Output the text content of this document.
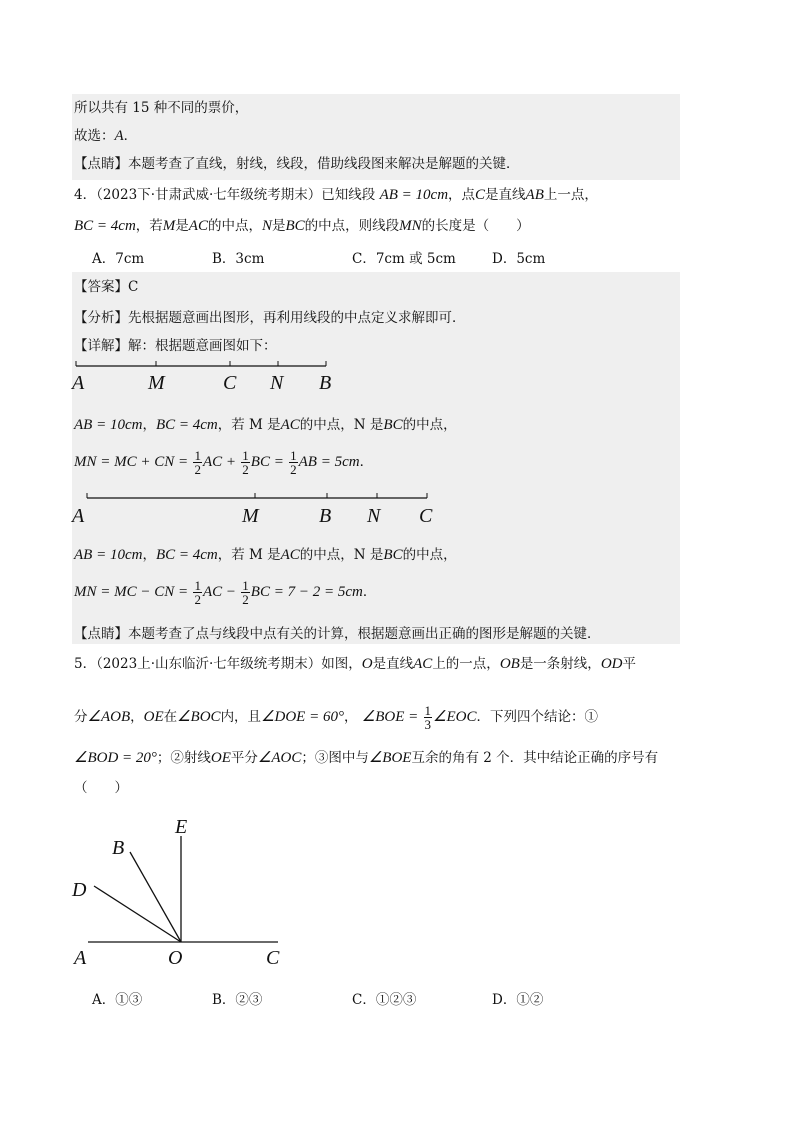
所以共有 15 种不同的票价，
故选：A．
【点睛】本题考查了直线，射线，线段，借助线段图来解决是解题的关键．
4．（2023下·甘肃武威·七年级统考期末）已知线段 AB = 10cm，点C是直线AB上一点，
BC = 4cm，若M是AC的中点，N是BC的中点，则线段MN的长度是（　　）
A．7cm	B．3cm	C．7cm 或 5cm	D．5cm
【答案】C
【分析】先根据题意画出图形，再利用线段的中点定义求解即可．
【详解】解：根据题意画图如下：
A	M	C N B
AB = 10cm，BC = 4cm，若 M 是AC的中点，N 是BC的中点，
MN = MC + CN = $\frac{1}{2}$ AC + $\frac{1}{2}$ BC = $\frac{1}{2}$ AB = 5cm．
A	M	B N C
AB = 10cm，BC = 4cm，若 M 是AC的中点，N 是BC的中点，
MN = MC − CN = $\frac{1}{2}$ AC − $\frac{1}{2}$ BC = 7 − 2 = 5cm．
【点睛】本题考查了点与线段中点有关的计算，根据题意画出正确的图形是解题的关键．
5．（2023上·山东临沂·七年级统考期末）如图，O是直线AC上的一点，OB是一条射线，OD平
分∠AOB，OE在∠BOC内，且∠DOE = 60°， ∠BOE = $\frac{1}{3}$ ∠EOC．下列四个结论：①
∠BOD = 20°；②射线OE平分∠AOC；③图中与∠BOE互余的角有 2 个．其中结论正确的序号有
（　　）
E
B
D
A	O	C
A．①③	B．②③	C．①②③	D．①②
